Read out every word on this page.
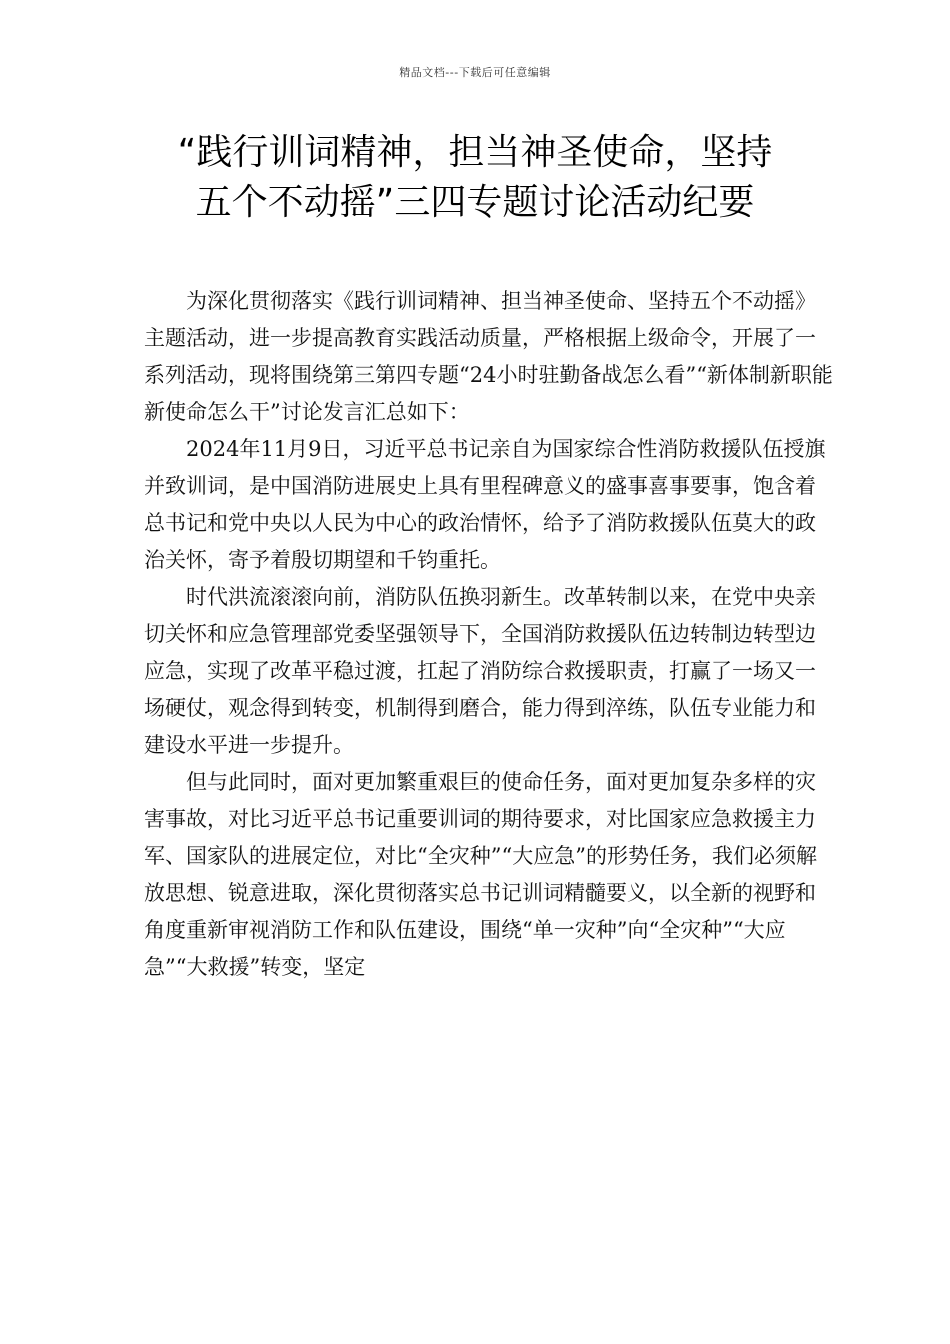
精品文档---下载后可任意编辑
“践行训词精神，担当神圣使命，坚持
五个不动摇”三四专题讨论活动纪要

为深化贯彻落实《践行训词精神、担当神圣使命、坚持五个不动摇》主题活动，进一步提高教育实践活动质量，严格根据上级命令，开展了一系列活动，现将围绕第三第四专题“24小时驻勤备战怎么看”“新体制新职能新使命怎么干”讨论发言汇总如下：

2024年11月9日，习近平总书记亲自为国家综合性消防救援队伍授旗并致训词，是中国消防进展史上具有里程碑意义的盛事喜事要事，饱含着总书记和党中央以人民为中心的政治情怀，给予了消防救援队伍莫大的政治关怀，寄予着殷切期望和千钧重托。

时代洪流滚滚向前，消防队伍换羽新生。改革转制以来，在党中央亲切关怀和应急管理部党委坚强领导下，全国消防救援队伍边转制边转型边应急，实现了改革平稳过渡，扛起了消防综合救援职责，打赢了一场又一场硬仗，观念得到转变，机制得到磨合，能力得到淬练，队伍专业能力和建设水平进一步提升。

但与此同时，面对更加繁重艰巨的使命任务，面对更加复杂多样的灾害事故，对比习近平总书记重要训词的期待要求，对比国家应急救援主力军、国家队的进展定位，对比“全灾种”“大应急”的形势任务，我们必须解放思想、锐意进取，深化贯彻落实总书记训词精髓要义，以全新的视野和角度重新审视消防工作和队伍建设，围绕“单一灾种”向“全灾种”“大应急”“大救援”转变，坚定
